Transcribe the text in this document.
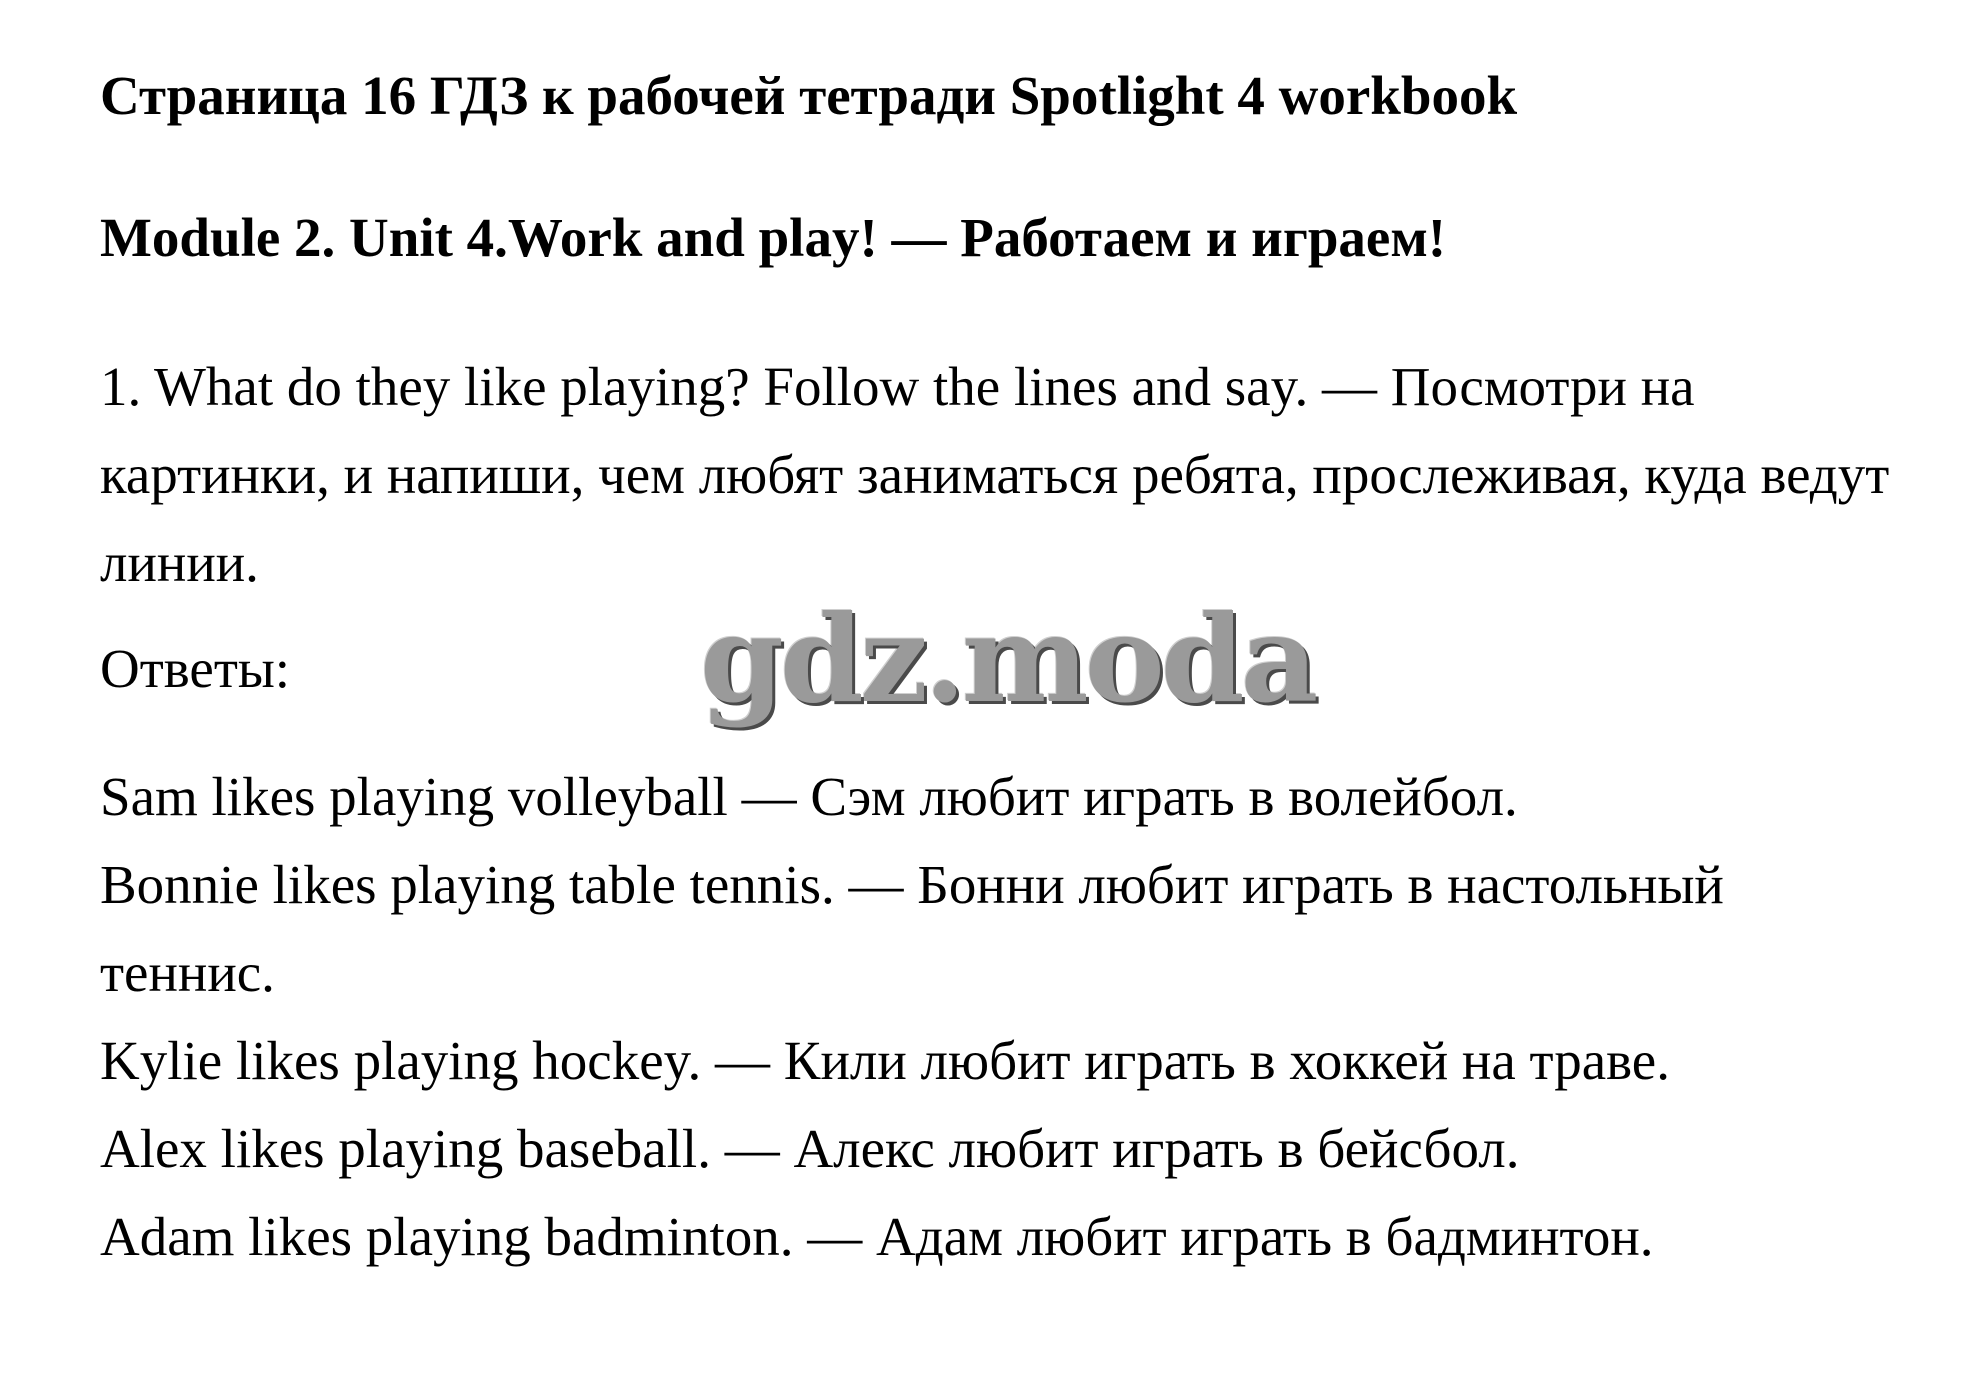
Страница 16 ГДЗ к рабочей тетради Spotlight 4 workbook
Module 2. Unit 4.Work and play! — Работаем и играем!

1. What do they like playing? Follow the lines and say. — Посмотри на картинки, и напиши, чем любят заниматься ребята, прослеживая, куда ведут линии.

Ответы:	gdz.moda

Sam likes playing volleyball — Сэм любит играть в волейбол.

Bonnie likes playing table tennis. — Бонни любит играть в настольный теннис.

Kylie likes playing hockey. — Кили любит играть в хоккей на траве.

Alex likes playing baseball. — Алекс любит играть в бейсбол.

Adam likes playing badminton. — Адам любит играть в бадминтон.
